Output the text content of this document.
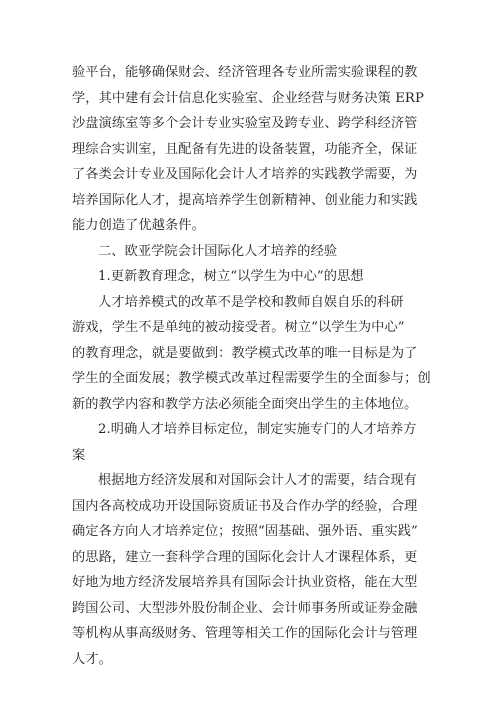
验平台，能够确保财会、经济管理各专业所需实验课程的教
学，其中建有会计信息化实验室、企业经营与财务决策 ERP
沙盘演练室等多个会计专业实验室及跨专业、跨学科经济管
理综合实训室，且配备有先进的设备装置，功能齐全，保证
了各类会计专业及国际化会计人才培养的实践教学需要，为
培养国际化人才，提高培养学生创新精神、创业能力和实践
能力创造了优越条件。
二、欧亚学院会计国际化人才培养的经验
1.更新教育理念，树立“以学生为中心”的思想
人才培养模式的改革不是学校和教师自娱自乐的科研
游戏，学生不是单纯的被动接受者。树立“以学生为中心”
的教育理念，就是要做到：教学模式改革的唯一目标是为了
学生的全面发展；教学模式改革过程需要学生的全面参与；创
新的教学内容和教学方法必须能全面突出学生的主体地位。
2.明确人才培养目标定位，制定实施专门的人才培养方
案
根据地方经济发展和对国际会计人才的需要，结合现有
国内各高校成功开设国际资质证书及合作办学的经验，合理
确定各方向人才培养定位；按照“固基础、强外语、重实践”
的思路，建立一套科学合理的国际化会计人才课程体系，更
好地为地方经济发展培养具有国际会计执业资格，能在大型
跨国公司、大型涉外股份制企业、会计师事务所或证券金融
等机构从事高级财务、管理等相关工作的国际化会计与管理
人才。
